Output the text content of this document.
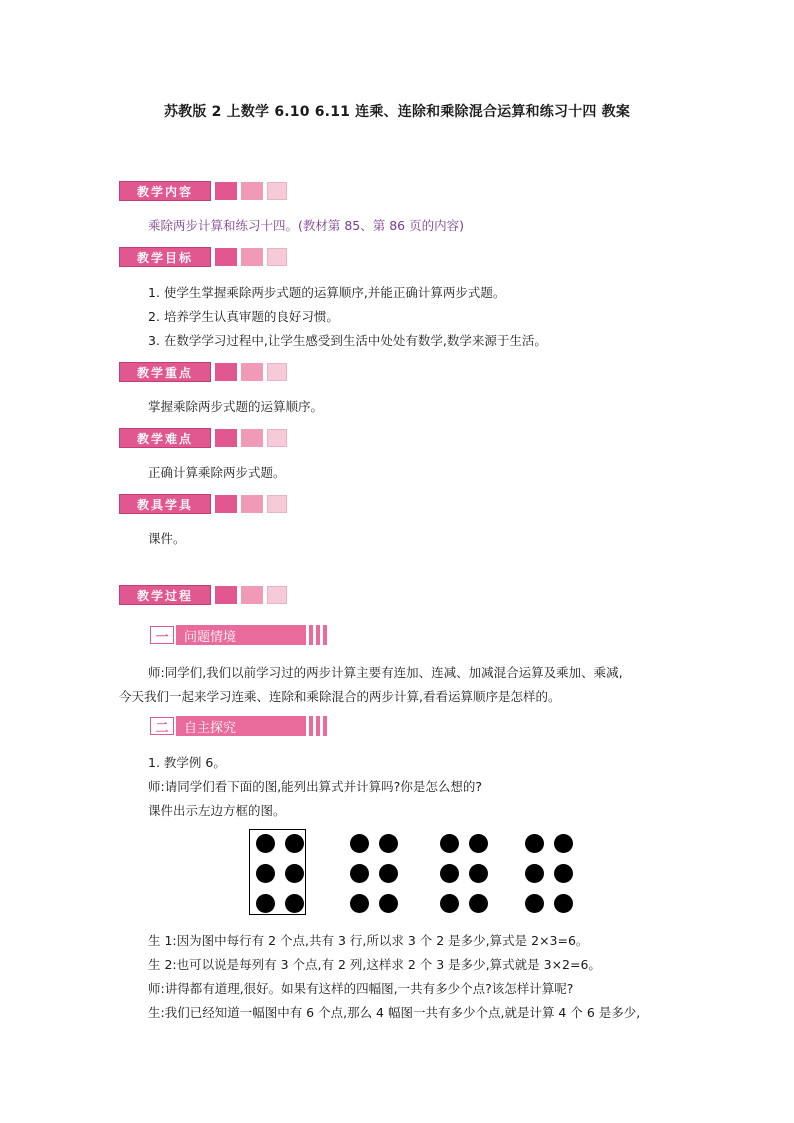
苏教版 2 上数学 6.10 6.11 连乘、连除和乘除混合运算和练习十四 教案
教学内容
乘除两步计算和练习十四。(教材第 85、第 86 页的内容)
教学目标
1. 使学生掌握乘除两步式题的运算顺序,并能正确计算两步式题。
2. 培养学生认真审题的良好习惯。
3. 在数学学习过程中,让学生感受到生活中处处有数学,数学来源于生活。
教学重点
掌握乘除两步式题的运算顺序。
教学难点
正确计算乘除两步式题。
教具学具
课件。
教学过程
一	问题情境
师:同学们,我们以前学习过的两步计算主要有连加、连减、加减混合运算及乘加、乘减,
今天我们一起来学习连乘、连除和乘除混合的两步计算,看看运算顺序是怎样的。
二	自主探究
1. 教学例 6。
师:请同学们看下面的图,能列出算式并计算吗?你是怎么想的?
课件出示左边方框的图。
生 1:因为图中每行有 2 个点,共有 3 行,所以求 3 个 2 是多少,算式是 2×3=6。
生 2:也可以说是每列有 3 个点,有 2 列,这样求 2 个 3 是多少,算式就是 3×2=6。
师:讲得都有道理,很好。如果有这样的四幅图,一共有多少个点?该怎样计算呢?
生:我们已经知道一幅图中有 6 个点,那么 4 幅图一共有多少个点,就是计算 4 个 6 是多少,
